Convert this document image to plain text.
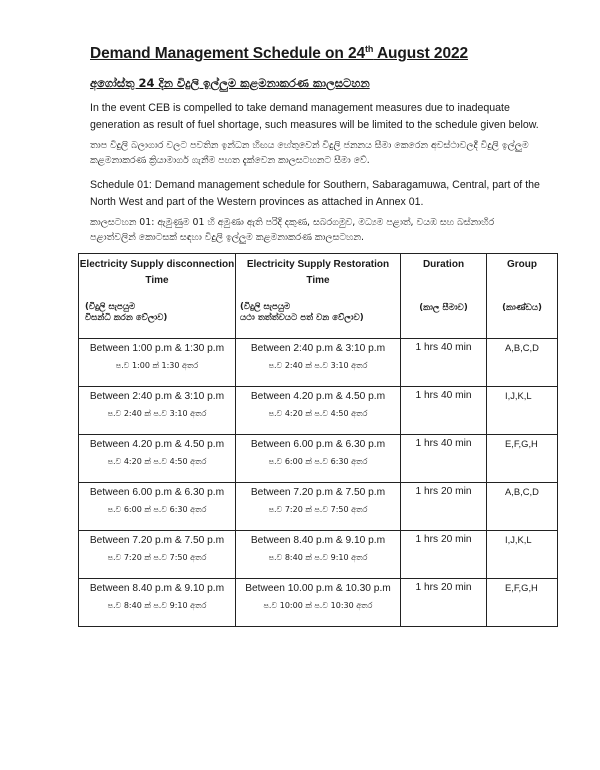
Demand Management Schedule on 24th August 2022
අගෝස්තු 24 දින විදුලි ඉල්ලුම කළමනාකරණ කාලසටහන
In the event CEB is compelled to take demand management measures due to inadequate generation as result of fuel shortage, such measures will be limited to the schedule given below.
තාප විදුලි බලාගාර වලට පවතින ඉන්ධන හිඟය හේතුවෙන් විදුලි ජනනය සීමා කෙරෙන අවස්ථාවලදී විදුලි ඉල්ලුම කළමනාකරණ ක්‍රියාමාර්ග ගැනීම පහත දැක්වෙන කාලසටහනට සීමා වේ.
Schedule 01: Demand management schedule for Southern, Sabaragamuwa, Central, part of the North West and part of the Western provinces as attached in Annex 01.
කාලසටහන 01: ඇමුණුම 01 හි අමුණා ඇති පරිදි දකුණ, සබරගමුව, මධ්‍යම පළාත්, වයඹ සහ බස්නාහිර පළාත්වලින් කොටසක් සඳහා විදුලි ඉල්ලුම කළමනාකරණ කාලසටහන.
Electricity Supply disconnection Time
(විදුලි සැපයුම
විසන්ධි කරන වේලාව)	Electricity Supply Restoration Time
(විදුලි සැපයුම
යථා තත්ත්වයට පත් වන වේලාව)	Duration
(කාල සීමාව)	Group
(කාණ්ඩය)

Between 1:00 p.m & 1:30 p.m
ප.ව 1:00 ක් 1:30 අතර	Between 2:40 p.m & 3:10 p.m
ප.ව 2:40 ක් ප.ව 3:10 අතර	1 hrs 40 min	A,B,C,D

Between 2:40 p.m & 3:10 p.m
ප.ව 2:40 ක් ප.ව 3:10 අතර	Between 4.20 p.m & 4.50 p.m
ප.ව 4:20 ක් ප.ව 4:50 අතර	1 hrs 40 min	I,J,K,L

Between 4.20 p.m & 4.50 p.m
ප.ව 4:20 ක් ප.ව 4:50 අතර	Between 6.00 p.m & 6.30 p.m
ප.ව 6:00 ක් ප.ව 6:30 අතර	1 hrs 40 min	E,F,G,H

Between 6.00 p.m & 6.30 p.m
ප.ව 6:00 ක් ප.ව 6:30 අතර	Between 7.20 p.m & 7.50 p.m
ප.ව 7:20 ක් ප.ව 7:50 අතර	1 hrs 20 min	A,B,C,D

Between 7.20 p.m & 7.50 p.m
ප.ව 7:20 ක් ප.ව 7:50 අතර	Between 8.40 p.m & 9.10 p.m
ප.ව 8:40 ක් ප.ව 9:10 අතර	1 hrs 20 min	I,J,K,L

Between 8.40 p.m & 9.10 p.m
ප.ව 8:40 ක් ප.ව 9:10 අතර	Between 10.00 p.m & 10.30 p.m
ප.ව 10:00 ක් ප.ව 10:30 අතර	1 hrs 20 min	E,F,G,H
